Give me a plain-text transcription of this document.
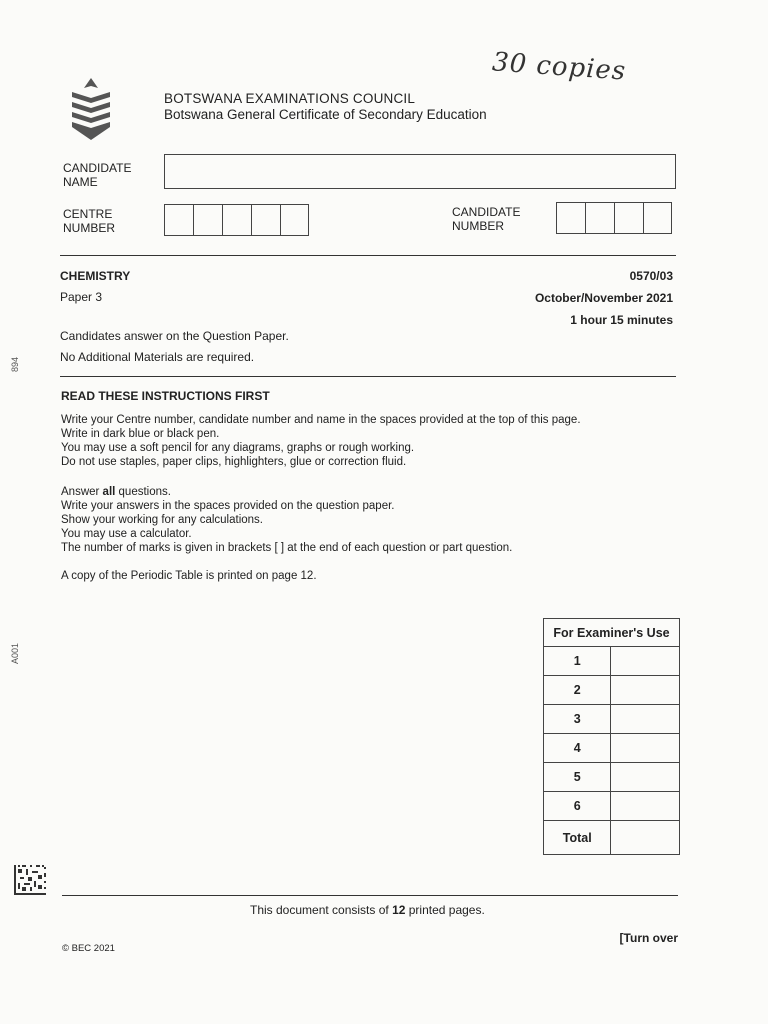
30 copies
BOTSWANA EXAMINATIONS COUNCIL
Botswana General Certificate of Secondary Education
CANDIDATE
NAME
CENTRE
NUMBER
CANDIDATE
NUMBER
CHEMISTRY
Paper 3
0570/03
October/November 2021
1 hour 15 minutes
Candidates answer on the Question Paper.
No Additional Materials are required.
READ THESE INSTRUCTIONS FIRST
Write your Centre number, candidate number and name in the spaces provided at the top of this page.
Write in dark blue or black pen.
You may use a soft pencil for any diagrams, graphs or rough working.
Do not use staples, paper clips, highlighters, glue or correction fluid.
Answer all questions.
Write your answers in the spaces provided on the question paper.
Show your working for any calculations.
You may use a calculator.
The number of marks is given in brackets [ ] at the end of each question or part question.
A copy of the Periodic Table is printed on page 12.
For Examiner's Use	
1	
2	
3	
4	
5	
6	
Total	
894
A001
This document consists of 12 printed pages.
© BEC 2021
[Turn over
